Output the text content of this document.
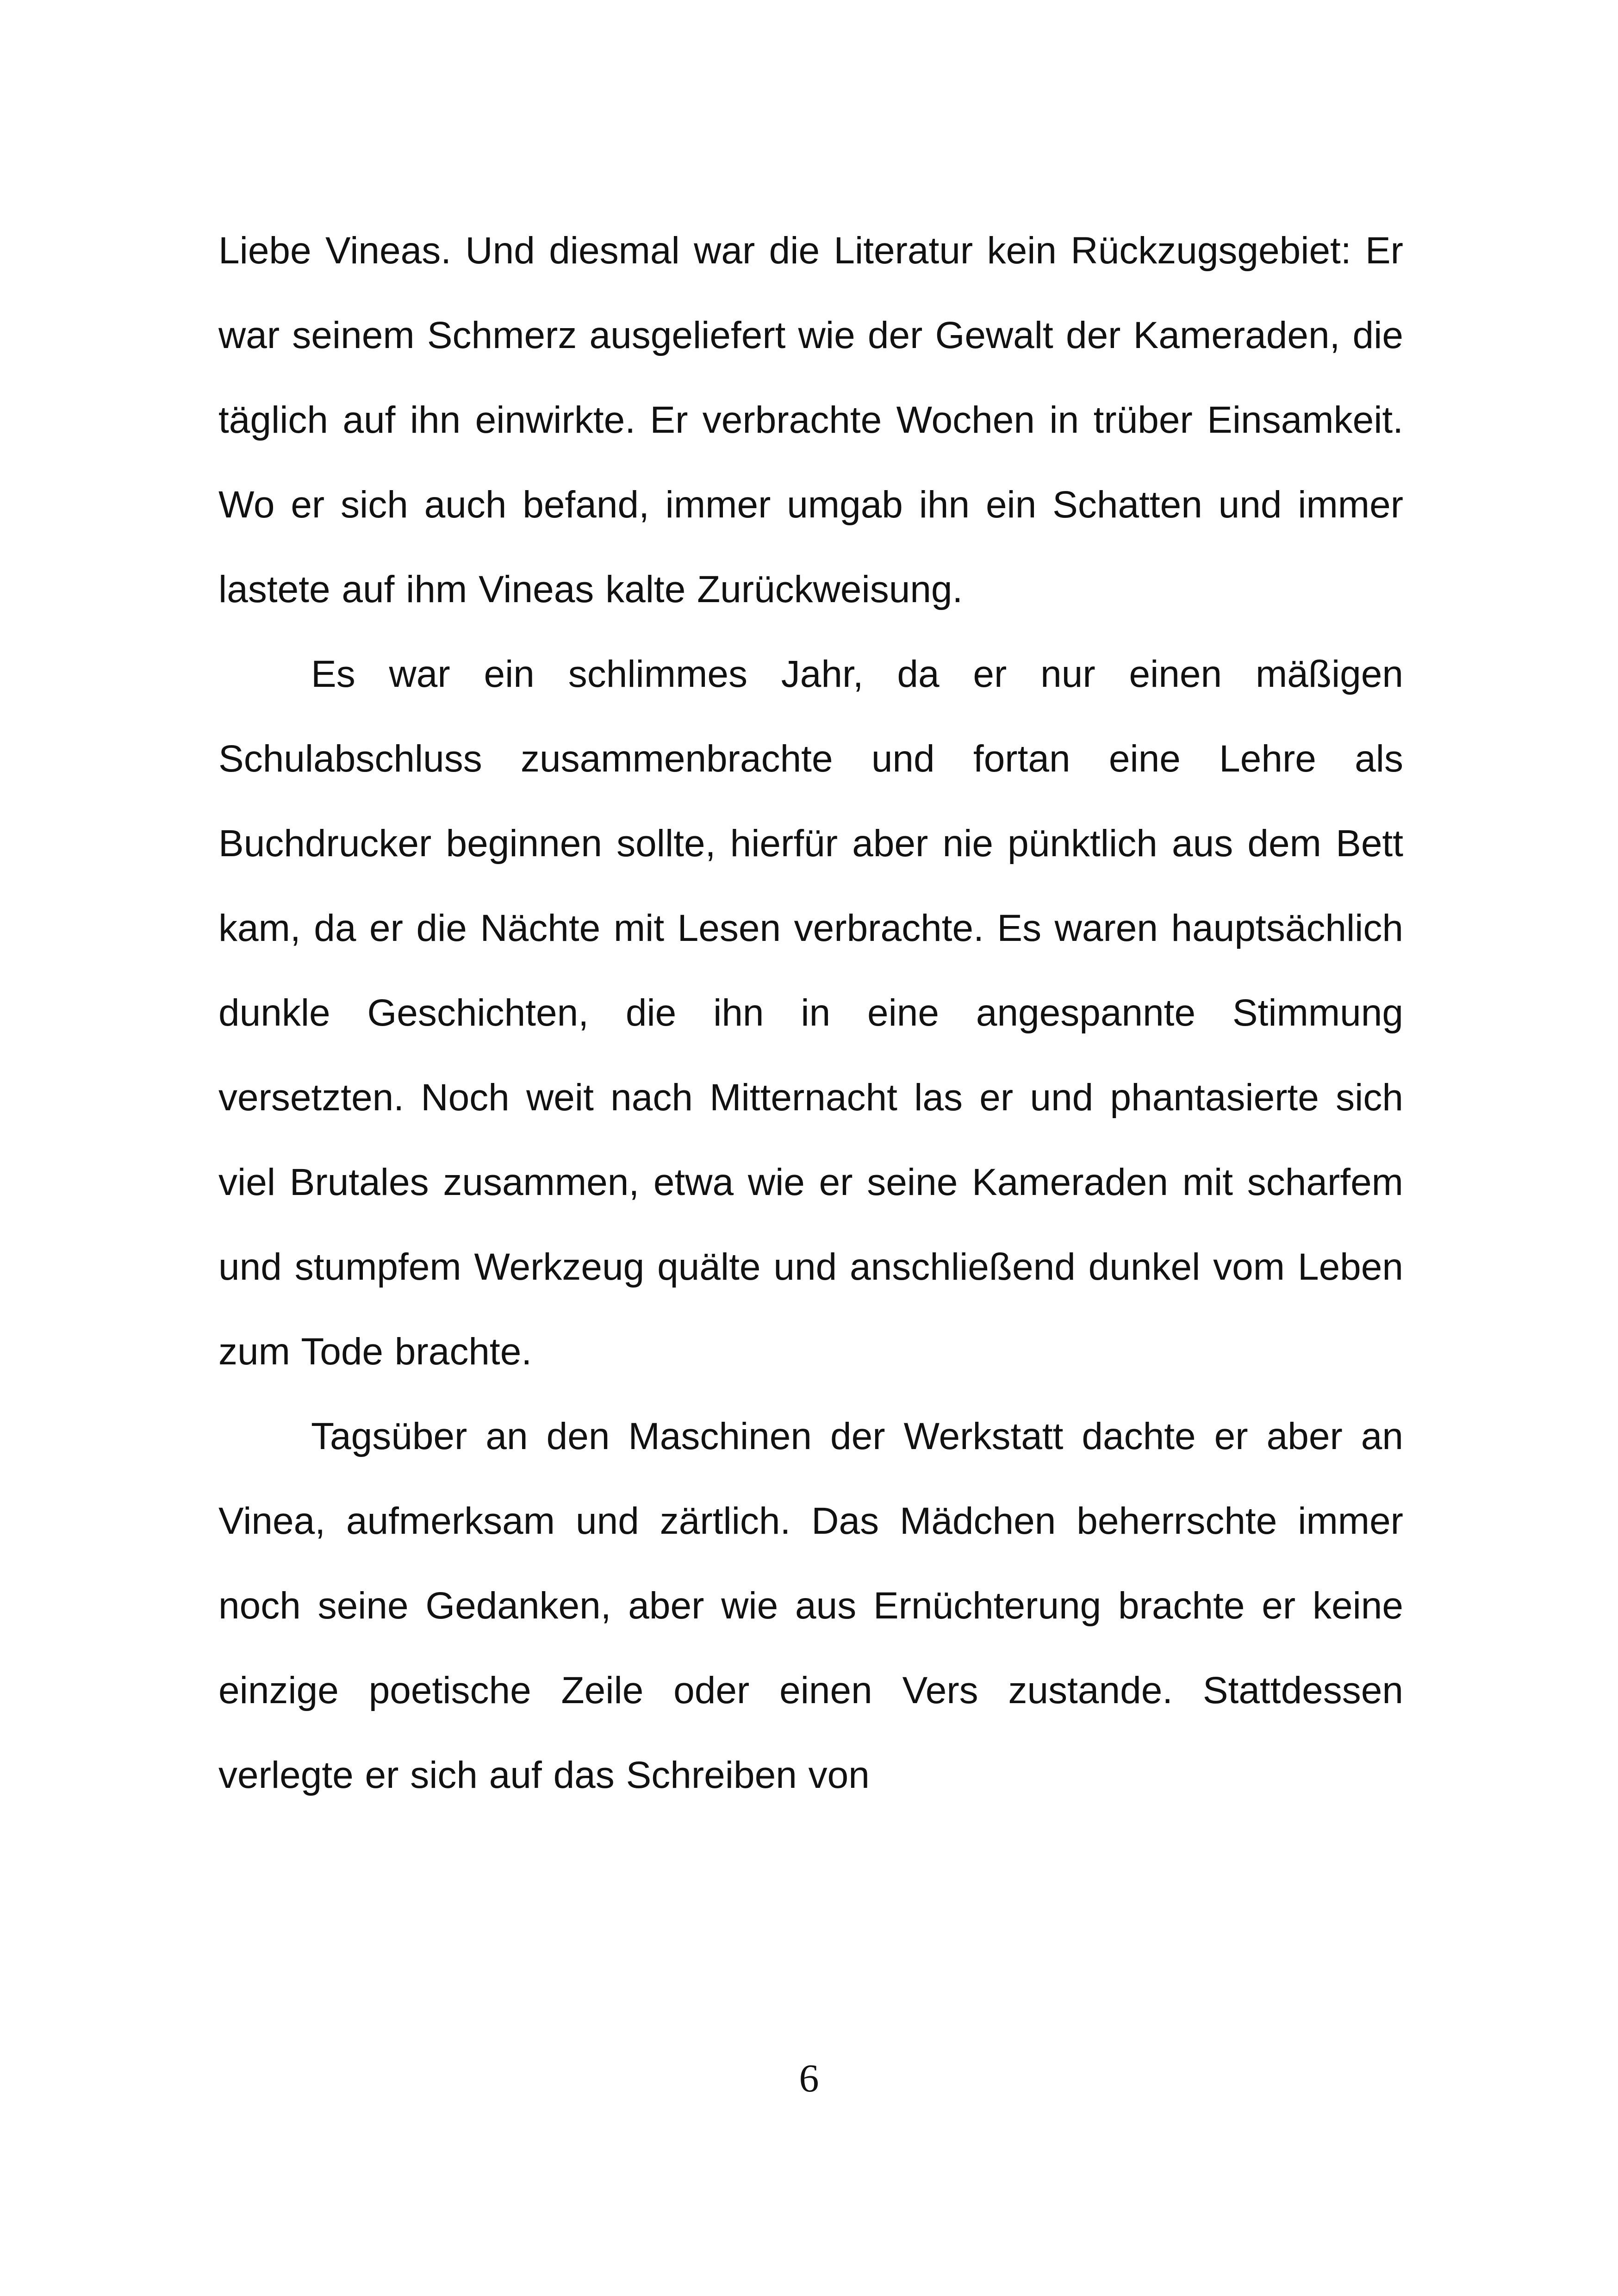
Liebe Vineas. Und diesmal war die Literatur kein Rückzugsgebiet: Er war seinem Schmerz ausgeliefert wie der Gewalt der Kameraden, die täglich auf ihn einwirkte. Er verbrachte Wochen in trüber Einsamkeit. Wo er sich auch befand, immer umgab ihn ein Schatten und immer lastete auf ihm Vineas kalte Zurückweisung.

Es war ein schlimmes Jahr, da er nur einen mäßigen Schulabschluss zusammenbrachte und fortan eine Lehre als Buchdrucker beginnen sollte, hierfür aber nie pünktlich aus dem Bett kam, da er die Nächte mit Lesen verbrachte. Es waren hauptsächlich dunkle Geschichten, die ihn in eine angespannte Stimmung versetzten. Noch weit nach Mitternacht las er und phantasierte sich viel Brutales zusammen, etwa wie er seine Kameraden mit scharfem und stumpfem Werkzeug quälte und anschließend dunkel vom Leben zum Tode brachte.

Tagsüber an den Maschinen der Werkstatt dachte er aber an Vinea, aufmerksam und zärtlich. Das Mädchen beherrschte immer noch seine Gedanken, aber wie aus Ernüchterung brachte er keine einzige poetische Zeile oder einen Vers zustande. Stattdessen verlegte er sich auf das Schreiben von

6
